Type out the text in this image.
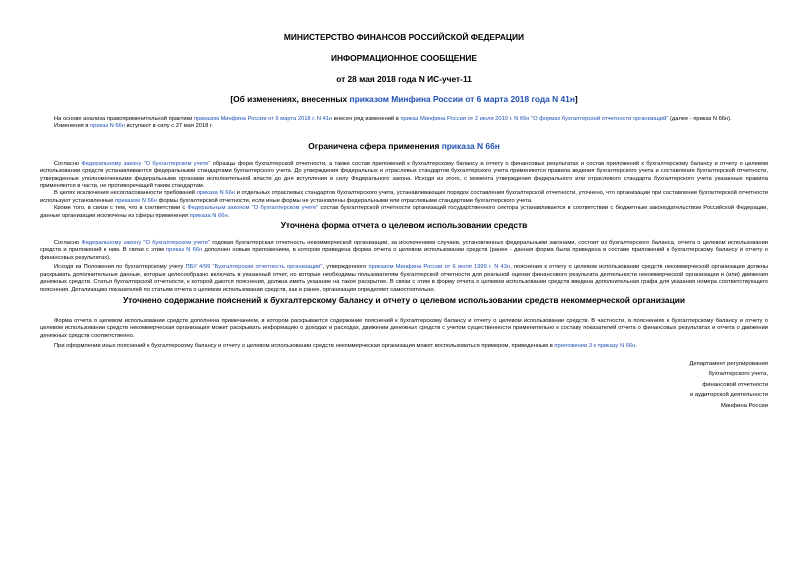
МИНИСТЕРСТВО ФИНАНСОВ РОССИЙСКОЙ ФЕДЕРАЦИИ
ИНФОРМАЦИОННОЕ СООБЩЕНИЕ
от 28 мая 2018 года N ИС-учет-11
[Об изменениях, внесенных приказом Минфина России от 6 марта 2018 года N 41н]

На основе анализа правоприменительной практики приказом Минфина России от 6 марта 2018 г. N 41н внесен ряд изменений в приказ Минфина России от 2 июля 2010 г. N 66н "О формах бухгалтерской отчетности организаций" (далее - приказ N 66н).

Изменения в приказ N 66н вступают в силу с 27 мая 2018 г.

Ограничена сфера применения приказа N 66н

Согласно Федеральному закону "О бухгалтерском учете" образцы форм бухгалтерской отчетности, а также состав приложений к бухгалтерскому балансу и отчету о финансовых результатах и состав приложений к бухгалтерскому балансу и отчету о целевом использовании средств устанавливаются федеральными стандартами бухгалтерского учета. До утверждения федеральных и отраслевых стандартов бухгалтерского учета применяются правила ведения бухгалтерского учета и составления бухгалтерской отчетности, утвержденные уполномоченными федеральными органами исполнительной власти до дня вступления в силу Федерального закона. Исходя из этого, с момента утверждения федерального или отраслевого стандарта бухгалтерского учета указанные правила применяются в части, не противоречащей таким стандартам.

В целях исключения несогласованности требований приказа N 66н и отдельных отраслевых стандартов бухгалтерского учета, устанавливающих порядок составления бухгалтерской отчетности, уточнено, что организации при составлении бухгалтерской отчетности используют установленные приказом N 66н формы бухгалтерской отчетности, если иные формы не установлены федеральными или отраслевыми стандартами бухгалтерского учета.

Кроме того, в связи с тем, что в соответствии с Федеральным законом "О бухгалтерском учете" состав бухгалтерской отчетности организаций государственного сектора устанавливается в соответствии с бюджетным законодательством Российской Федерации, данные организации исключены из сферы применения приказа N 66н.

Уточнена форма отчета о целевом использовании средств

Согласно Федеральному закону "О бухгалтерском учете" годовая бухгалтерская отчетность некоммерческой организации, за исключением случаев, установленных федеральными законами, состоит из бухгалтерского баланса, отчета о целевом использовании средств и приложений к ним. В связи с этим приказ N 66н дополнен новым приложением, в котором приведена форма отчета о целевом использовании средств (ранее - данная форма была приведена в составе приложений к бухгалтерскому балансу и отчету о финансовых результатах).

Исходя из Положения по бухгалтерскому учету ПБУ 4/99 "Бухгалтерская отчетность организации", утвержденного приказом Минфина России от 6 июля 1999 г. N 43н, пояснения к отчету о целевом использовании средств некоммерческой организации должны раскрывать дополнительные данные, которые целесообразно включать в указанный отчет, но которые необходимы пользователям бухгалтерской отчетности для реальной оценки финансового результата деятельности некоммерческой организации и (или) движения денежных средств. Статья бухгалтерской отчетности, к которой даются пояснения, должна иметь указание на такое раскрытие. В связи с этим в форму отчета о целевом использовании средств введена дополнительная графа для указания номера соответствующего пояснения. Детализацию показателей по статьям отчета о целевом использовании средств, как и ранее, организация определяет самостоятельно.

Уточнено содержание пояснений к бухгалтерскому балансу и отчету о целевом использовании средств некоммерческой организации

Форма отчета о целевом использовании средств дополнена примечанием, в котором раскрывается содержание пояснений к бухгалтерскому балансу и отчету о целевом использовании средств. В частности, в пояснениях к бухгалтерскому балансу и отчету о целевом использовании средств некоммерческая организация может раскрывать информацию о доходах и расходах, движении денежных средств с учетом существенности применительно к составу показателей отчета о финансовых результатах и отчета о движении денежных средств соответственно.

При оформлении иных пояснений к бухгалтерскому балансу и отчету о целевом использовании средств некоммерческая организация может воспользоваться примером, приведенным в приложении 3 к приказу N 66н.

Департамент регулирования
бухгалтерского учета,
финансовой отчетности
и аудиторской деятельности
Минфина России
